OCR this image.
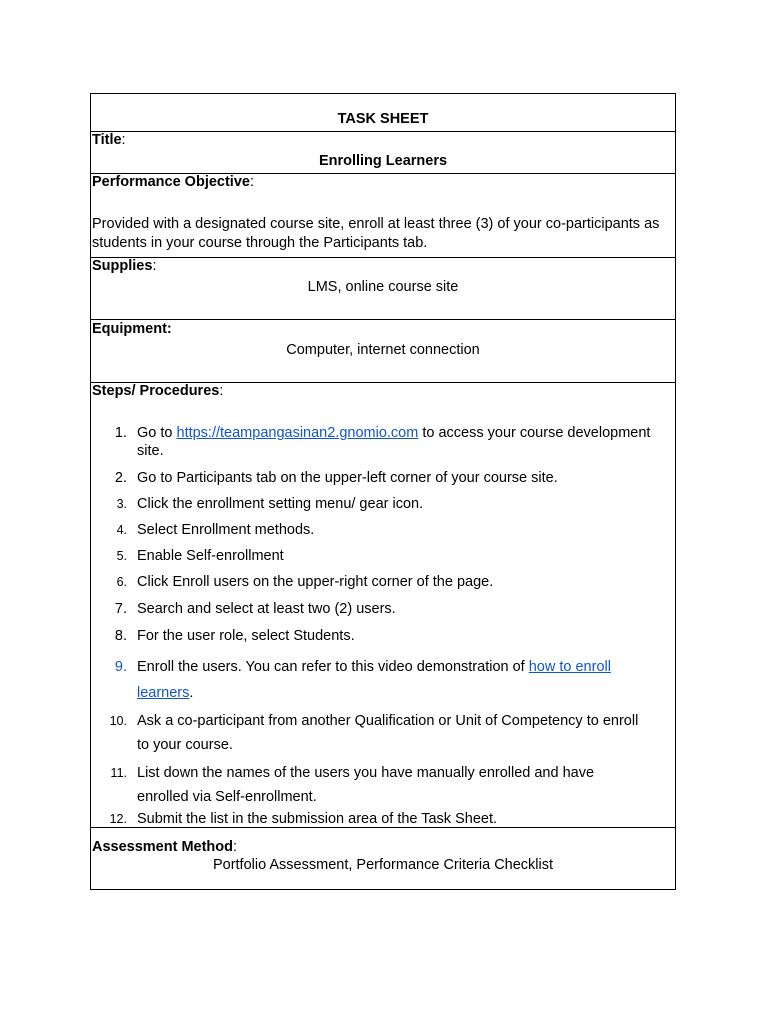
TASK SHEET
Title:
Enrolling Learners
Performance Objective:
Provided with a designated course site, enroll at least three (3) of your co-participants as students in your course through the Participants tab.
Supplies:
LMS, online course site
Equipment:
Computer, internet connection
Steps/ Procedures:
1. Go to https://teampangasinan2.gnomio.com to access your course development site.
2. Go to Participants tab on the upper-left corner of your course site.
3. Click the enrollment setting menu/ gear icon.
4. Select Enrollment methods.
5. Enable Self-enrollment
6. Click Enroll users on the upper-right corner of the page.
7. Search and select at least two (2) users.
8. For the user role, select Students.
9. Enroll the users. You can refer to this video demonstration of how to enroll
learners.
10. Ask a co-participant from another Qualification or Unit of Competency to enroll
to your course.
11. List down the names of the users you have manually enrolled and have
enrolled via Self-enrollment.
12. Submit the list in the submission area of the Task Sheet.
Assessment Method:
Portfolio Assessment, Performance Criteria Checklist
